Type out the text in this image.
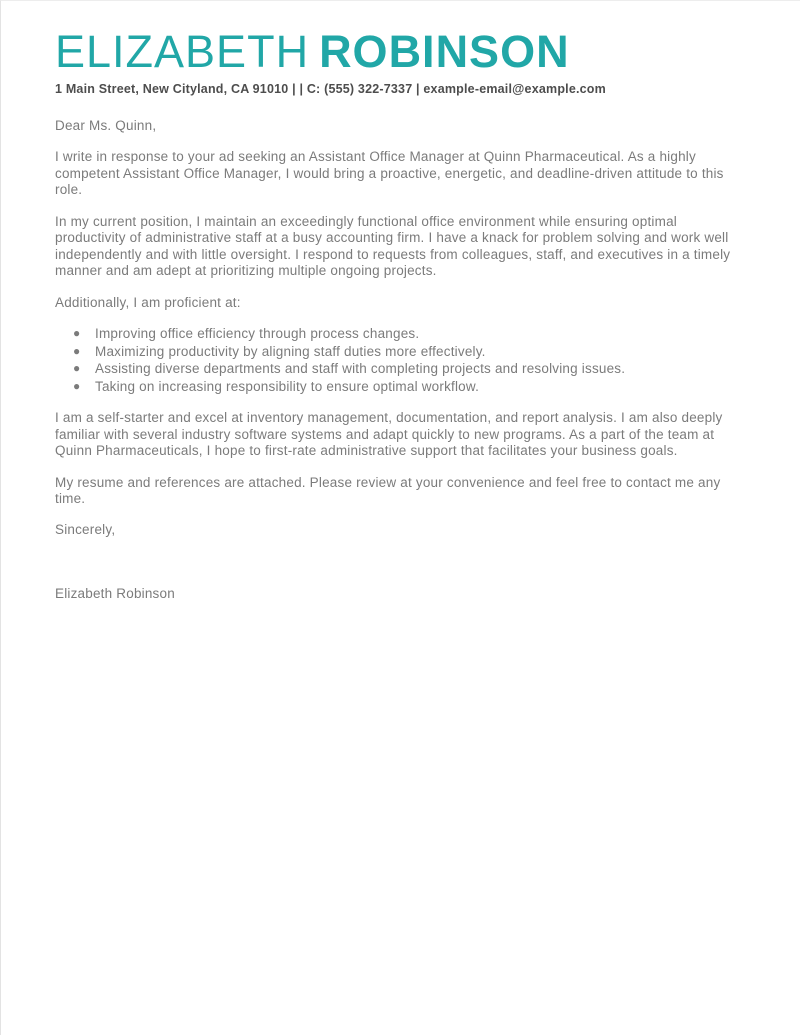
ELIZABETH ROBINSON
1 Main Street, New Cityland, CA 91010 | | C: (555) 322-7337 | example-email@example.com

Dear Ms. Quinn,

I write in response to your ad seeking an Assistant Office Manager at Quinn Pharmaceutical. As a highly competent Assistant Office Manager, I would bring a proactive, energetic, and deadline-driven attitude to this role.

In my current position, I maintain an exceedingly functional office environment while ensuring optimal productivity of administrative staff at a busy accounting firm. I have a knack for problem solving and work well independently and with little oversight. I respond to requests from colleagues, staff, and executives in a timely manner and am adept at prioritizing multiple ongoing projects.

Additionally, I am proficient at:

● Improving office efficiency through process changes.
● Maximizing productivity by aligning staff duties more effectively.
● Assisting diverse departments and staff with completing projects and resolving issues.
● Taking on increasing responsibility to ensure optimal workflow.

I am a self-starter and excel at inventory management, documentation, and report analysis. I am also deeply familiar with several industry software systems and adapt quickly to new programs. As a part of the team at Quinn Pharmaceuticals, I hope to first-rate administrative support that facilitates your business goals.

My resume and references are attached. Please review at your convenience and feel free to contact me any time.

Sincerely,

Elizabeth Robinson
